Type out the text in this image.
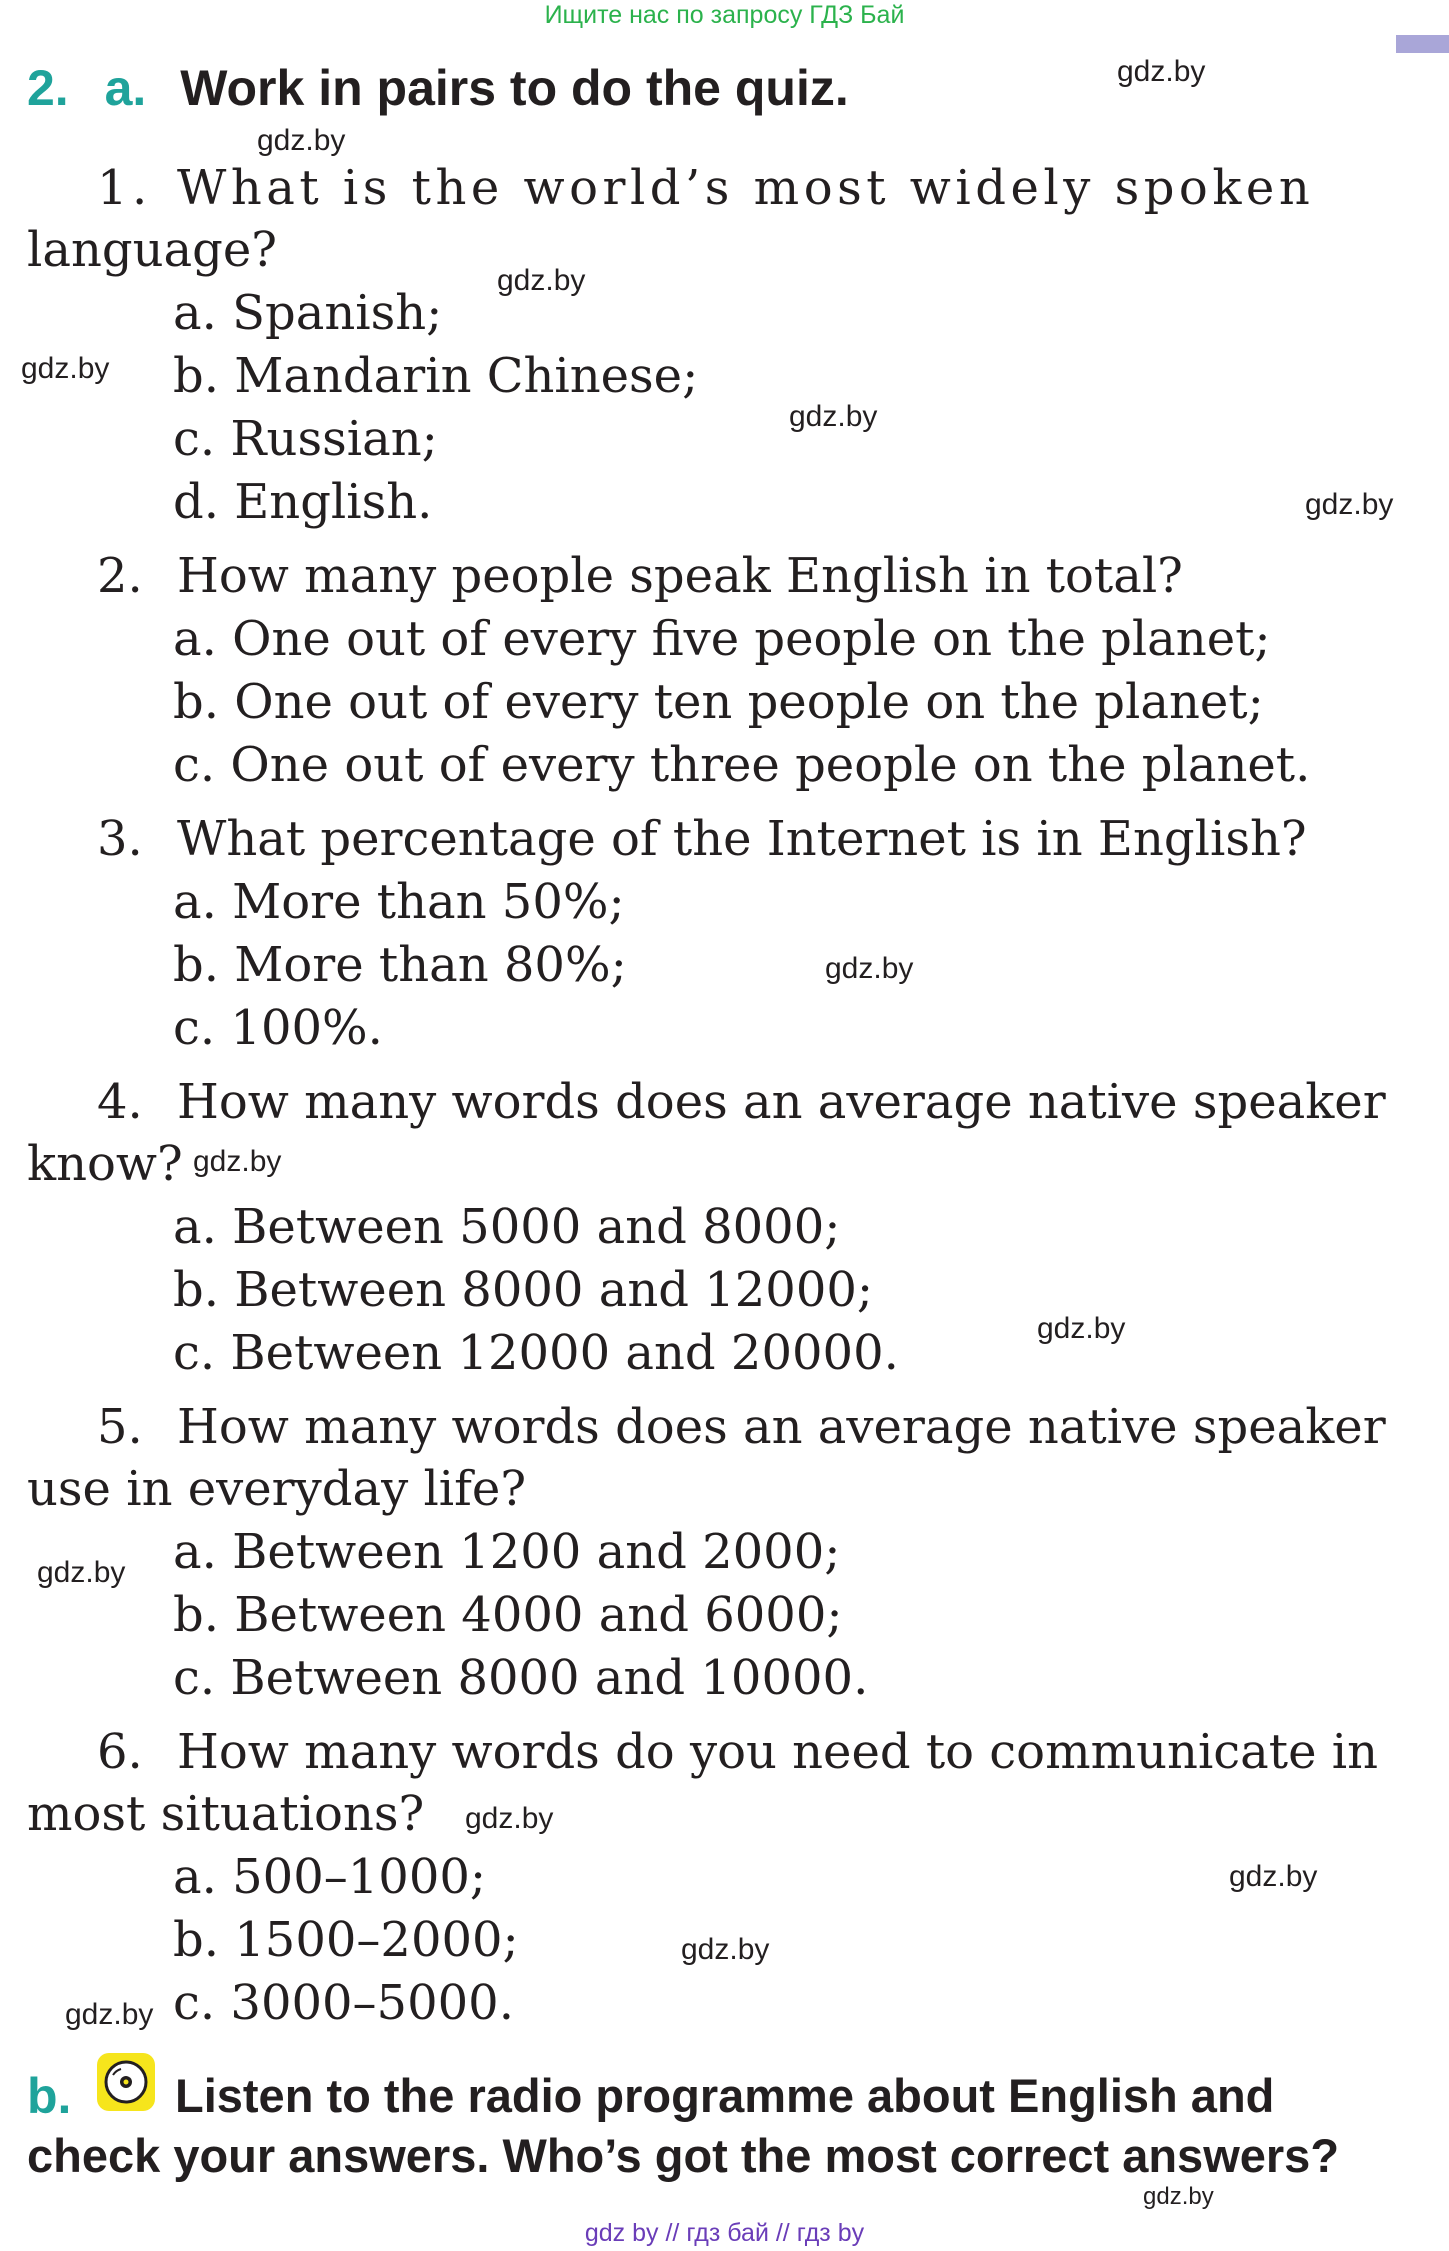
Ищите нас по запросу ГДЗ Бай
2. a. Work in pairs to do the quiz.
1. What is the world’s most widely spoken
language?
a. Spanish;
b. Mandarin Chinese;
c. Russian;
d. English.
2. How many people speak English in total?
a. One out of every five people on the planet;
b. One out of every ten people on the planet;
c. One out of every three people on the planet.
3. What percentage of the Internet is in English?
a. More than 50%;
b. More than 80%;
c. 100%.
4. How many words does an average native speaker
know?
a. Between 5000 and 8000;
b. Between 8000 and 12000;
c. Between 12000 and 20000.
5. How many words does an average native speaker
use in everyday life?
a. Between 1200 and 2000;
b. Between 4000 and 6000;
c. Between 8000 and 10000.
6. How many words do you need to communicate in
most situations?
a. 500–1000;
b. 1500–2000;
c. 3000–5000.
b. Listen to the radio programme about English and
check your answers. Who’s got the most correct answers?
gdz.by
gdz.by
gdz.by
gdz.by
gdz.by
gdz.by
gdz.by
gdz.by
gdz.by
gdz.by
gdz.by
gdz.by
gdz.by
gdz.by
gdz.by
gdz by // гдз бай // гдз by
